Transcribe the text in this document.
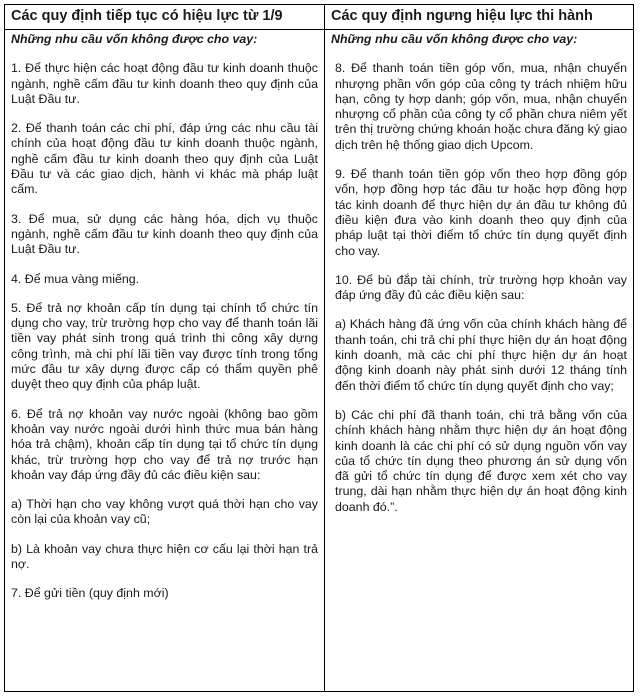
Các quy định tiếp tục có hiệu lực từ 1/9	Các quy định ngưng hiệu lực thi hành
Những nhu cầu vốn không được cho vay:

1. Để thực hiện các hoạt động đầu tư kinh doanh thuộc ngành, nghề cấm đầu tư kinh doanh theo quy định của Luật Đầu tư.

2. Để thanh toán các chi phí, đáp ứng các nhu cầu tài chính của hoạt động đầu tư kinh doanh thuộc ngành, nghề cấm đầu tư kinh doanh theo quy định của Luật Đầu tư và các giao dịch, hành vi khác mà pháp luật cấm.

3. Để mua, sử dụng các hàng hóa, dịch vụ thuộc ngành, nghề cấm đầu tư kinh doanh theo quy định của Luật Đầu tư.

4. Để mua vàng miếng.

5. Để trả nợ khoản cấp tín dụng tại chính tổ chức tín dụng cho vay, trừ trường hợp cho vay để thanh toán lãi tiền vay phát sinh trong quá trình thi công xây dựng công trình, mà chi phí lãi tiền vay được tính trong tổng mức đầu tư xây dựng được cấp có thẩm quyền phê duyệt theo quy định của pháp luật.

6. Để trả nợ khoản vay nước ngoài (không bao gồm khoản vay nước ngoài dưới hình thức mua bán hàng hóa trả chậm), khoản cấp tín dụng tại tổ chức tín dụng khác, trừ trường hợp cho vay để trả nợ trước hạn khoản vay đáp ứng đầy đủ các điều kiện sau:

a) Thời hạn cho vay không vượt quá thời hạn cho vay còn lại của khoản vay cũ;

b) Là khoản vay chưa thực hiện cơ cấu lại thời hạn trả nợ.

7. Để gửi tiền (quy định mới)

Những nhu cầu vốn không được cho vay:

8. Để thanh toán tiền góp vốn, mua, nhận chuyển nhượng phần vốn góp của công ty trách nhiệm hữu hạn, công ty hợp danh; góp vốn, mua, nhận chuyển nhượng cổ phần của công ty cổ phần chưa niêm yết trên thị trường chứng khoán hoặc chưa đăng ký giao dịch trên hệ thống giao dịch Upcom.

9. Để thanh toán tiền góp vốn theo hợp đồng góp vốn, hợp đồng hợp tác đầu tư hoặc hợp đồng hợp tác kinh doanh để thực hiện dự án đầu tư không đủ điều kiện đưa vào kinh doanh theo quy định của pháp luật tại thời điểm tổ chức tín dụng quyết định cho vay.

10. Để bù đắp tài chính, trừ trường hợp khoản vay đáp ứng đầy đủ các điều kiện sau:

a) Khách hàng đã ứng vốn của chính khách hàng để thanh toán, chi trả chi phí thực hiện dự án hoạt động kinh doanh, mà các chi phí thực hiện dự án hoạt động kinh doanh này phát sinh dưới 12 tháng tính đến thời điểm tổ chức tín dụng quyết định cho vay;

b) Các chi phí đã thanh toán, chi trả bằng vốn của chính khách hàng nhằm thực hiện dự án hoạt động kinh doanh là các chi phí có sử dụng nguồn vốn vay của tổ chức tín dụng theo phương án sử dụng vốn đã gửi tổ chức tín dụng để được xem xét cho vay trung, dài hạn nhằm thực hiện dự án hoạt động kinh doanh đó.”.
